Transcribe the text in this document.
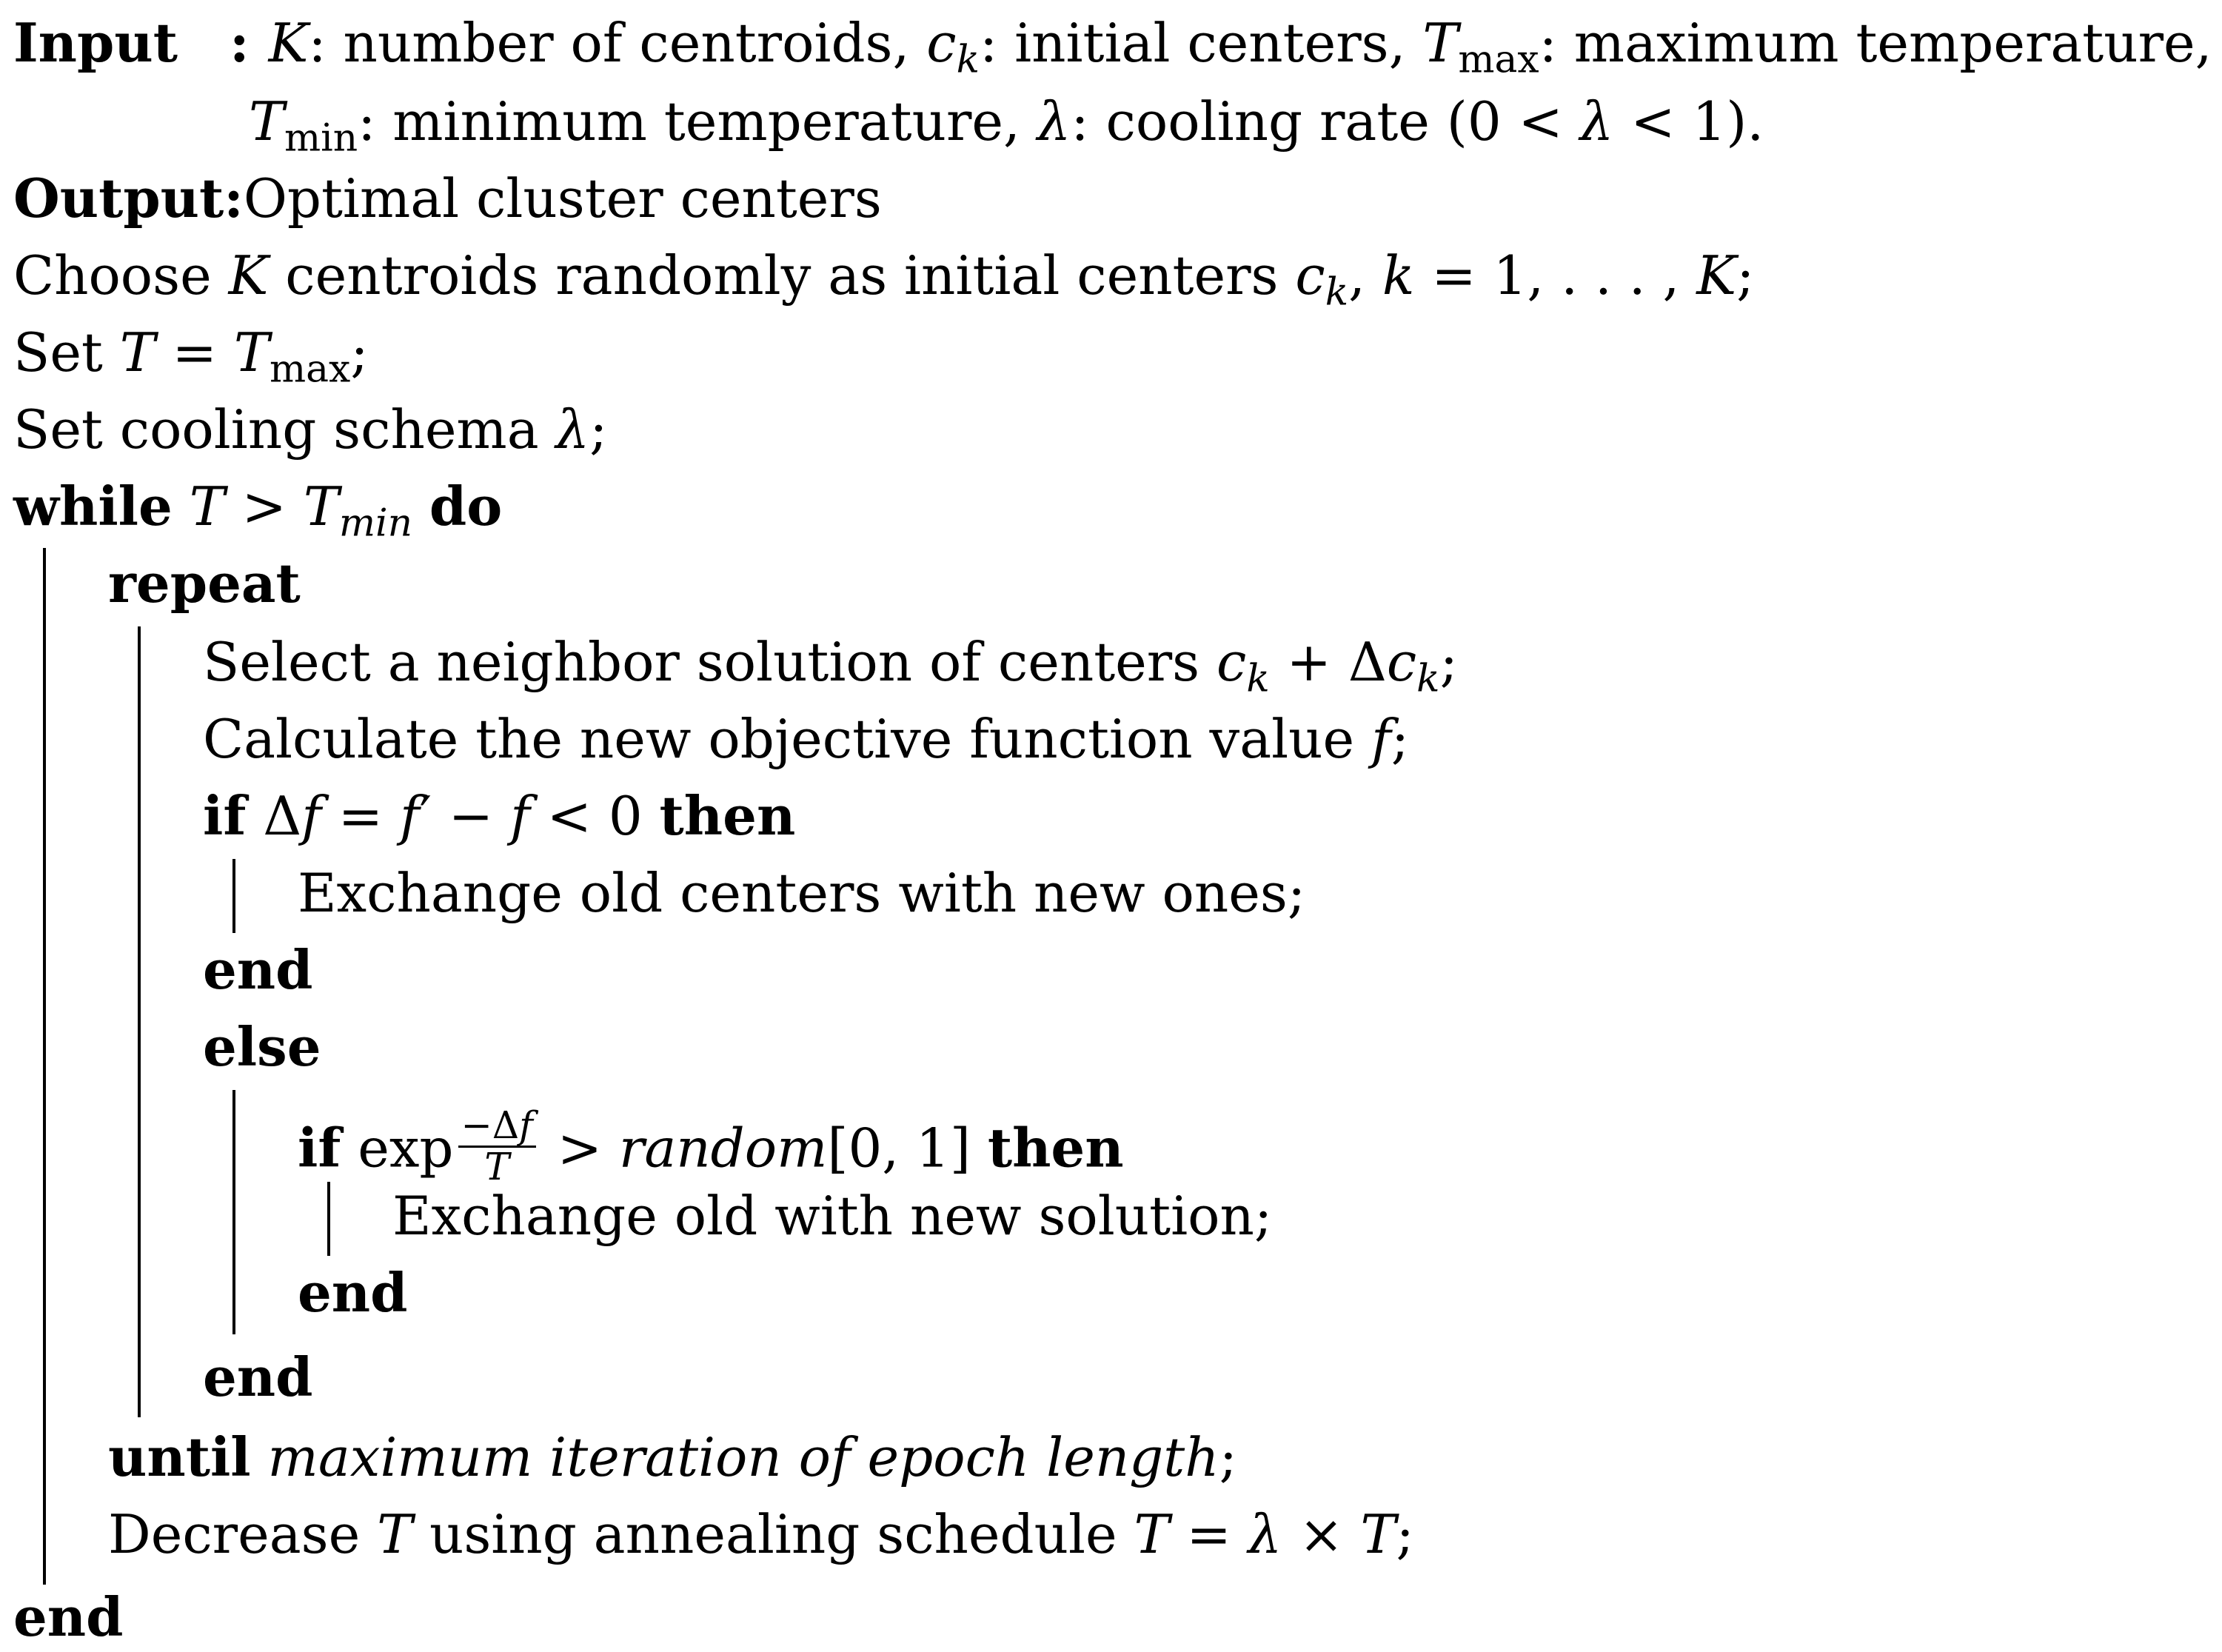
Input : K: number of centroids, $c_k$: initial centers, $T_{max}$: maximum temperature,
$T_{min}$: minimum temperature, λ: cooling rate (0 < λ < 1).
Output:Optimal cluster centers
Choose K centroids randomly as initial centers $c_k$, k = 1, . . . , K;
Set $T = T_{max}$;
Set cooling schema λ;
while $T > T_{min}$ do
repeat
Select a neighbor solution of centers $c_k + \Delta c_k$;
Calculate the new objective function value f;
if Δf = f′ − f < 0 then
Exchange old centers with new ones;
end
else
if $\exp \frac{-\Delta f}{T}$ > random[0, 1] then
Exchange old with new solution;
end
end
until maximum iteration of epoch length;
Decrease T using annealing schedule T = λ × T;
end
